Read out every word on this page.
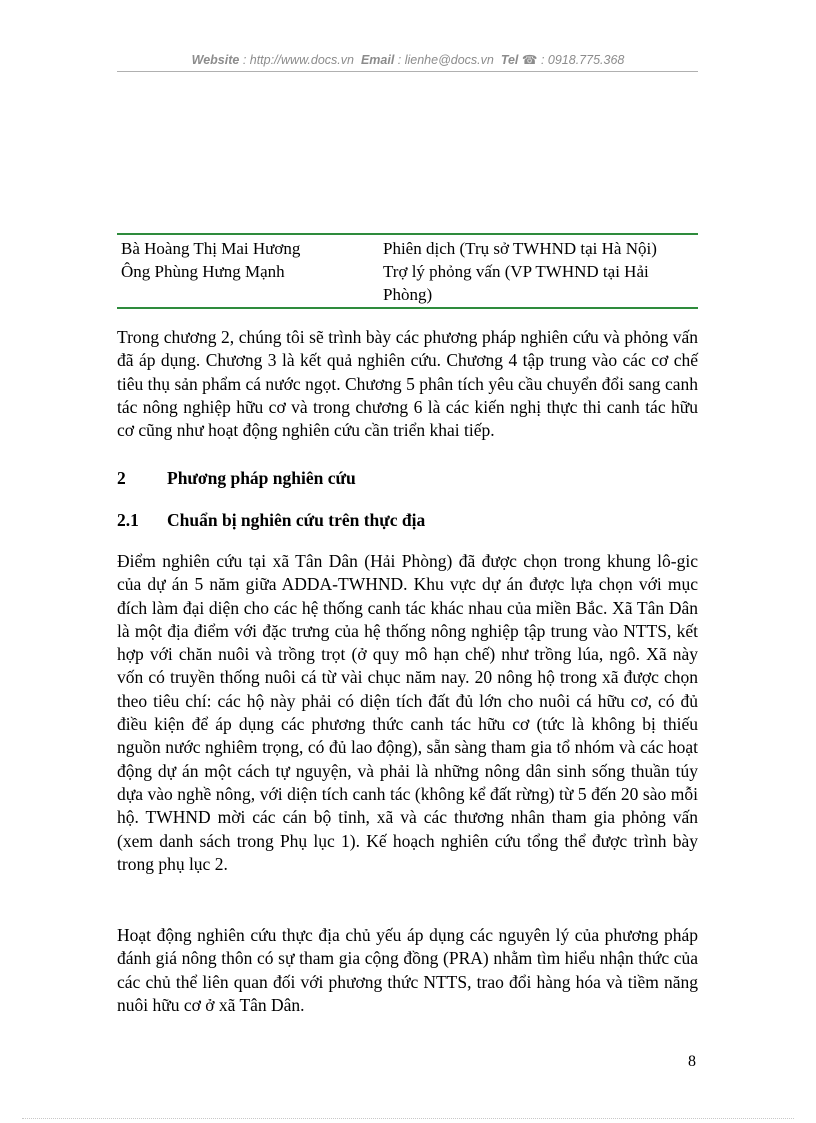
Website : http://www.docs.vn Email : lienhe@docs.vn Tel ☎ : 0918.775.368
Bà Hoàng Thị Mai Hương	Phiên dịch (Trụ sở TWHND tại Hà Nội)
Ông Phùng Hưng Mạnh	Trợ lý phỏng vấn (VP TWHND tại Hải Phòng)
Trong chương 2, chúng tôi sẽ trình bày các phương pháp nghiên cứu và phỏng vấn đã áp dụng. Chương 3 là kết quả nghiên cứu. Chương 4 tập trung vào các cơ chế tiêu thụ sản phẩm cá nước ngọt. Chương 5 phân tích yêu cầu chuyển đổi sang canh tác nông nghiệp hữu cơ và trong chương 6 là các kiến nghị thực thi canh tác hữu cơ cũng như hoạt động nghiên cứu cần triển khai tiếp.
2 Phương pháp nghiên cứu
2.1 Chuẩn bị nghiên cứu trên thực địa
Điểm nghiên cứu tại xã Tân Dân (Hải Phòng) đã được chọn trong khung lô-gic của dự án 5 năm giữa ADDA-TWHND. Khu vực dự án được lựa chọn với mục đích làm đại diện cho các hệ thống canh tác khác nhau của miền Bắc. Xã Tân Dân là một địa điểm với đặc trưng của hệ thống nông nghiệp tập trung vào NTTS, kết hợp với chăn nuôi và trồng trọt (ở quy mô hạn chế) như trồng lúa, ngô. Xã này vốn có truyền thống nuôi cá từ vài chục năm nay. 20 nông hộ trong xã được chọn theo tiêu chí: các hộ này phải có diện tích đất đủ lớn cho nuôi cá hữu cơ, có đủ điều kiện để áp dụng các phương thức canh tác hữu cơ (tức là không bị thiếu nguồn nước nghiêm trọng, có đủ lao động), sẵn sàng tham gia tổ nhóm và các hoạt động dự án một cách tự nguyện, và phải là những nông dân sinh sống thuần túy dựa vào nghề nông, với diện tích canh tác (không kể đất rừng) từ 5 đến 20 sào mỗi hộ. TWHND mời các cán bộ tỉnh, xã và các thương nhân tham gia phỏng vấn (xem danh sách trong Phụ lục 1). Kế hoạch nghiên cứu tổng thể được trình bày trong phụ lục 2.
Hoạt động nghiên cứu thực địa chủ yếu áp dụng các nguyên lý của phương pháp đánh giá nông thôn có sự tham gia cộng đồng (PRA) nhằm tìm hiểu nhận thức của các chủ thể liên quan đối với phương thức NTTS, trao đổi hàng hóa và tiềm năng nuôi hữu cơ ở xã Tân Dân.
8
